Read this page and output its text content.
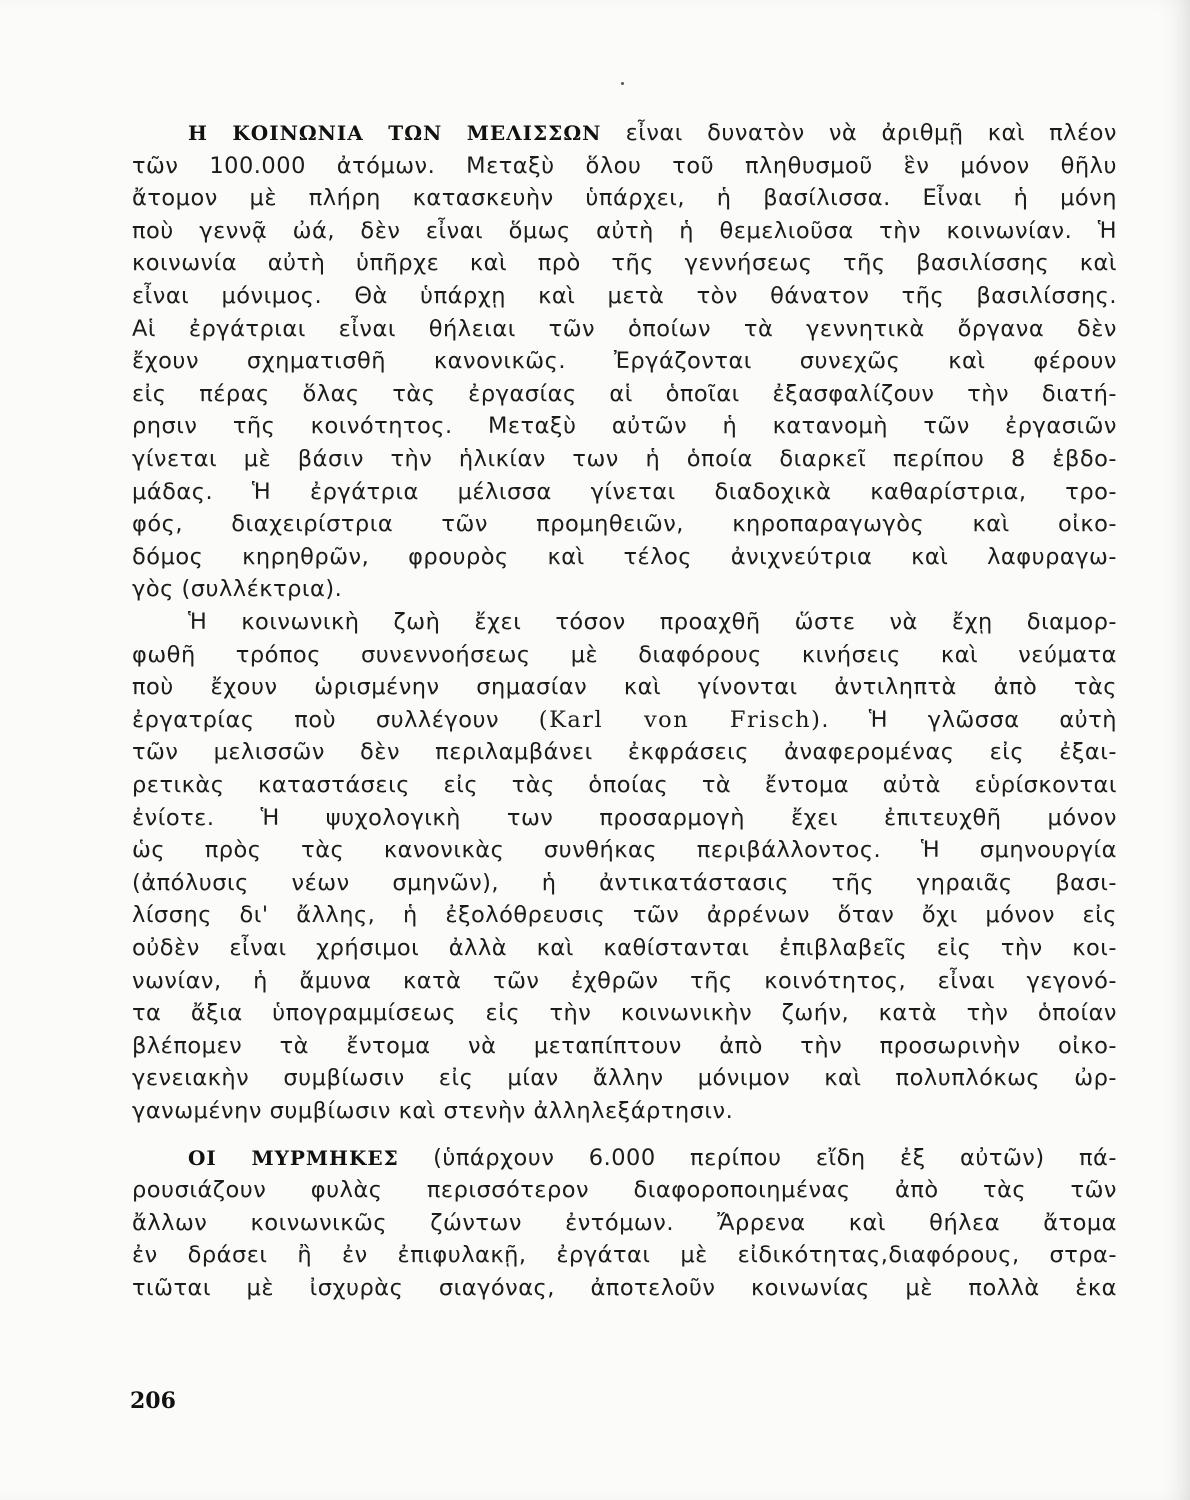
Η ΚΟΙΝΩΝΙΑ ΤΩΝ ΜΕΛΙΣΣΩΝ εἶναι δυνατὸν νὰ ἀριθμῇ καὶ πλέον
τῶν 100.000 ἀτόμων. Μεταξὺ ὅλου τοῦ πληθυσμοῦ ἓν μόνον θῆλυ
ἄτομον μὲ πλήρη κατασκευὴν ὑπάρχει, ἡ βασίλισσα. Εἶναι ἡ μόνη
ποὺ γεννᾷ ὠά, δὲν εἶναι ὅμως αὐτὴ ἡ θεμελιοῦσα τὴν κοινωνίαν. Ἡ
κοινωνία αὐτὴ ὑπῆρχε καὶ πρὸ τῆς γεννήσεως τῆς βασιλίσσης καὶ
εἶναι μόνιμος. Θὰ ὑπάρχῃ καὶ μετὰ τὸν θάνατον τῆς βασιλίσσης.
Αἱ ἐργάτριαι εἶναι θήλειαι τῶν ὁποίων τὰ γεννητικὰ ὄργανα δὲν
ἔχουν σχηματισθῆ κανονικῶς. Ἐργάζονται συνεχῶς καὶ φέρουν
εἰς πέρας ὅλας τὰς ἐργασίας αἱ ὁποῖαι ἐξασφαλίζουν τὴν διατή-
ρησιν τῆς κοινότητος. Μεταξὺ αὐτῶν ἡ κατανομὴ τῶν ἐργασιῶν
γίνεται μὲ βάσιν τὴν ἡλικίαν των ἡ ὁποία διαρκεῖ περίπου 8 ἑβδο-
μάδας. Ἡ ἐργάτρια μέλισσα γίνεται διαδοχικὰ καθαρίστρια, τρο-
φός, διαχειρίστρια τῶν προμηθειῶν, κηροπαραγωγὸς καὶ οἰκο-
δόμος κηρηθρῶν, φρουρὸς καὶ τέλος ἀνιχνεύτρια καὶ λαφυραγω-
γὸς (συλλέκτρια).
Ἡ κοινωνικὴ ζωὴ ἔχει τόσον προαχθῆ ὥστε νὰ ἔχῃ διαμορ-
φωθῆ τρόπος συνεννοήσεως μὲ διαφόρους κινήσεις καὶ νεύματα
ποὺ ἔχουν ὡρισμένην σημασίαν καὶ γίνονται ἀντιληπτὰ ἀπὸ τὰς
ἐργατρίας ποὺ συλλέγουν (Karl von Frisch). Ἡ γλῶσσα αὐτὴ
τῶν μελισσῶν δὲν περιλαμβάνει ἐκφράσεις ἀναφερομένας εἰς ἐξαι-
ρετικὰς καταστάσεις εἰς τὰς ὁποίας τὰ ἔντομα αὐτὰ εὑρίσκονται
ἐνίοτε. Ἡ ψυχολογικὴ των προσαρμογὴ ἔχει ἐπιτευχθῆ μόνον
ὡς πρὸς τὰς κανονικὰς συνθήκας περιβάλλοντος. Ἡ σμηνουργία
(ἀπόλυσις νέων σμηνῶν), ἡ ἀντικατάστασις τῆς γηραιᾶς βασι-
λίσσης δι' ἄλλης, ἡ ἐξολόθρευσις τῶν ἀρρένων ὅταν ὄχι μόνον εἰς
οὐδὲν εἶναι χρήσιμοι ἀλλὰ καὶ καθίστανται ἐπιβλαβεῖς εἰς τὴν κοι-
νωνίαν, ἡ ἄμυνα κατὰ τῶν ἐχθρῶν τῆς κοινότητος, εἶναι γεγονό-
τα ἄξια ὑπογραμμίσεως εἰς τὴν κοινωνικὴν ζωήν, κατὰ τὴν ὁποίαν
βλέπομεν τὰ ἔντομα νὰ μεταπίπτουν ἀπὸ τὴν προσωρινὴν οἰκο-
γενειακὴν συμβίωσιν εἰς μίαν ἄλλην μόνιμον καὶ πολυπλόκως ὠρ-
γανωμένην συμβίωσιν καὶ στενὴν ἀλληλεξάρτησιν.
ΟΙ ΜΥΡΜΗΚΕΣ (ὑπάρχουν 6.000 περίπου εἴδη ἐξ αὐτῶν) πά-
ρουσιάζουν φυλὰς περισσότερον διαφοροποιημένας ἀπὸ τὰς τῶν
ἄλλων κοινωνικῶς ζώντων ἐντόμων. Ἄρρενα καὶ θήλεα ἄτομα
ἐν δράσει ἢ ἐν ἐπιφυλακῇ, ἐργάται μὲ εἰδικότητας,διαφόρους, στρα-
τιῶται μὲ ἰσχυρὰς σιαγόνας, ἀποτελοῦν κοινωνίας μὲ πολλὰ ἑκα
206
